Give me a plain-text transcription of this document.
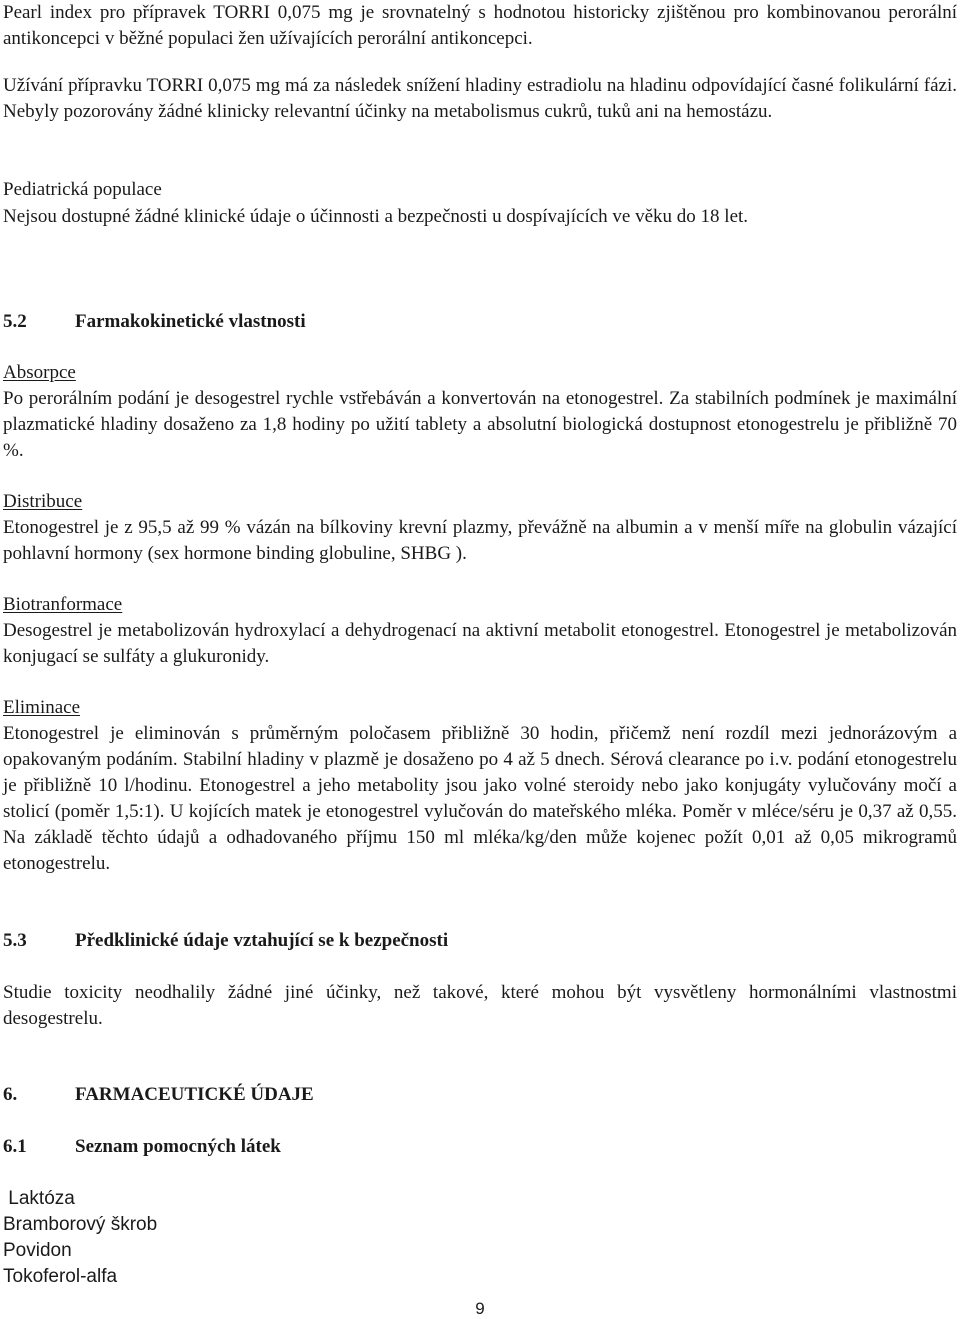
Pearl index pro přípravek TORRI 0,075 mg je srovnatelný s hodnotou historicky zjištěnou pro kombinovanou perorální antikoncepci v běžné populaci žen užívajících perorální antikoncepci.

Užívání přípravku TORRI 0,075 mg má za následek snížení hladiny estradiolu na hladinu odpovídající časné folikulární fázi. Nebyly pozorovány žádné klinicky relevantní účinky na metabolismus cukrů, tuků ani na hemostázu.

Pediatrická populace

Nejsou dostupné žádné klinické údaje o účinnosti a bezpečnosti u dospívajících ve věku do 18 let.

5.2	Farmakokinetické vlastnosti

Absorpce

Po perorálním podání je desogestrel rychle vstřebáván a konvertován na etonogestrel. Za stabilních podmínek je maximální plazmatické hladiny dosaženo za 1,8 hodiny po užití tablety a absolutní biologická dostupnost etonogestrelu je přibližně 70 %.

Distribuce

Etonogestrel je z 95,5 až 99 % vázán na bílkoviny krevní plazmy, převážně na albumin a v menší míře na globulin vázající pohlavní hormony (sex hormone binding globuline, SHBG ).

Biotranformace

Desogestrel je metabolizován hydroxylací a dehydrogenací na aktivní metabolit etonogestrel. Etonogestrel je metabolizován konjugací se sulfáty a glukuronidy.

Eliminace

Etonogestrel je eliminován s průměrným poločasem přibližně 30 hodin, přičemž není rozdíl mezi jednorázovým a opakovaným podáním. Stabilní hladiny v plazmě je dosaženo po 4 až 5 dnech. Sérová clearance po i.v. podání etonogestrelu je přibližně 10 l/hodinu. Etonogestrel a jeho metabolity jsou jako volné steroidy nebo jako konjugáty vylučovány močí a stolicí (poměr 1,5:1). U kojících matek je etonogestrel vylučován do mateřského mléka. Poměr v mléce/séru je 0,37 až 0,55. Na základě těchto údajů a odhadovaného příjmu 150 ml mléka/kg/den může kojenec požít 0,01 až 0,05 mikrogramů etonogestrelu.

5.3	Předklinické údaje vztahující se k bezpečnosti

Studie toxicity neodhalily žádné jiné účinky, než takové, které mohou být vysvětleny hormonálními vlastnostmi desogestrelu.

6.	FARMACEUTICKÉ ÚDAJE
6.1	Seznam pomocných látek

Laktóza

Bramborový škrob

Povidon

Tokoferol-alfa

9
